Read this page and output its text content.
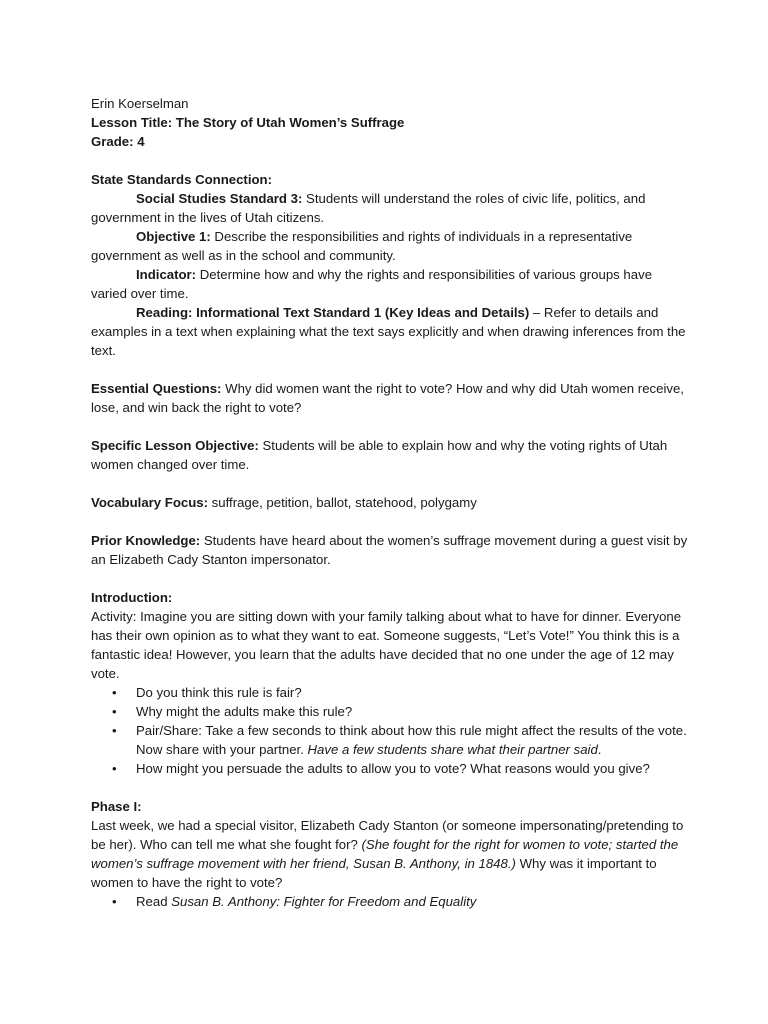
Erin Koerselman

Lesson Title: The Story of Utah Women’s Suffrage

Grade: 4

State Standards Connection:

Social Studies Standard 3: Students will understand the roles of civic life, politics, and government in the lives of Utah citizens.

Objective 1: Describe the responsibilities and rights of individuals in a representative government as well as in the school and community.

Indicator: Determine how and why the rights and responsibilities of various groups have varied over time.

Reading: Informational Text Standard 1 (Key Ideas and Details) – Refer to details and examples in a text when explaining what the text says explicitly and when drawing inferences from the text.

Essential Questions: Why did women want the right to vote? How and why did Utah women receive, lose, and win back the right to vote?

Specific Lesson Objective: Students will be able to explain how and why the voting rights of Utah women changed over time.

Vocabulary Focus: suffrage, petition, ballot, statehood, polygamy

Prior Knowledge: Students have heard about the women’s suffrage movement during a guest visit by an Elizabeth Cady Stanton impersonator.

Introduction:

Activity: Imagine you are sitting down with your family talking about what to have for dinner. Everyone has their own opinion as to what they want to eat. Someone suggests, “Let’s Vote!” You think this is a fantastic idea! However, you learn that the adults have decided that no one under the age of 12 may vote.

• Do you think this rule is fair?
• Why might the adults make this rule?
• Pair/Share: Take a few seconds to think about how this rule might affect the results of the vote. Now share with your partner. Have a few students share what their partner said.
• How might you persuade the adults to allow you to vote? What reasons would you give?

Phase I:

Last week, we had a special visitor, Elizabeth Cady Stanton (or someone impersonating/pretending to be her). Who can tell me what she fought for? (She fought for the right for women to vote; started the women’s suffrage movement with her friend, Susan B. Anthony, in 1848.) Why was it important to women to have the right to vote?

• Read Susan B. Anthony: Fighter for Freedom and Equality
